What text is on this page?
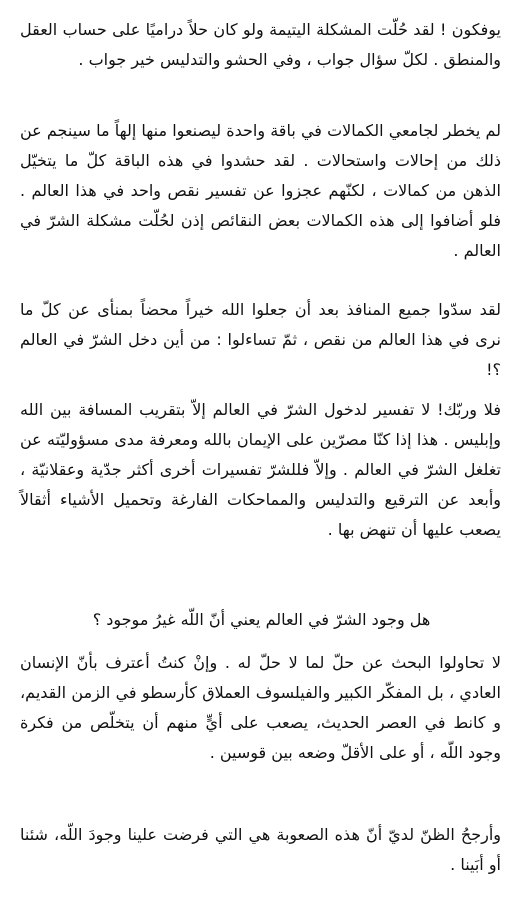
يوفكون ! لقد حُلّت المشكلة اليتيمة ولو كان حلاً دراميًا على حساب العقل والمنطق . لكلّ سؤال جواب ، وفي الحشو والتدليس خير جواب .

لم يخطر لجامعي الكمالات في باقة واحدة ليصنعوا منها إلهاً ما سينجم عن ذلك من إحالات واستحالات . لقد حشدوا في هذه الباقة كلّ ما يتخيّل الذهن من كمالات ، لكنّهم عجزوا عن تفسير نقص واحد في هذا العالم . فلو أضافوا إلى هذه الكمالات بعض النقائص إذن لحُلّت مشكلة الشرّ في العالم .

لقد سدّوا جميع المنافذ بعد أن جعلوا الله خيراً محضاً بمنأى عن كلّ ما نرى في هذا العالم من نقص ، ثمّ تساءلوا : من أين دخل الشرّ في العالم ؟!

فلا وربّك! لا تفسير لدخول الشرّ في العالم إلاّ بتقريب المسافة بين الله وإبليس . هذا إذا كنّا مصرّين على الإيمان بالله ومعرفة مدى مسؤوليّته عن تغلغل الشرّ في العالم . وإلاّ فللشرّ تفسيرات أخرى أكثر جدّية وعقلانيّة ، وأبعد عن الترقيع والتدليس والمماحكات الفارغة وتحميل الأشياء أثقالاً يصعب عليها أن تنهض بها .

هل وجود الشرّ في العالم يعني أنّ اللّه غيرُ موجود ؟

لا تحاولوا البحث عن حلّ لما لا حلّ له . وإنْ كنتُ أعترف بأنّ الإنسان العادي ، بل المفكّر الكبير والفيلسوف العملاق كأرسطو في الزمن القديم، و كانط في العصر الحديث، يصعب على أيٍّ منهم أن يتخلّص من فكرة وجود اللّه ، أو على الأقلّ وضعه بين قوسين .

وأرجحُ الظنّ لديّ أنّ هذه الصعوبة هي التي فرضت علينا وجودَ اللّه، شئنا أو أبَينا .
